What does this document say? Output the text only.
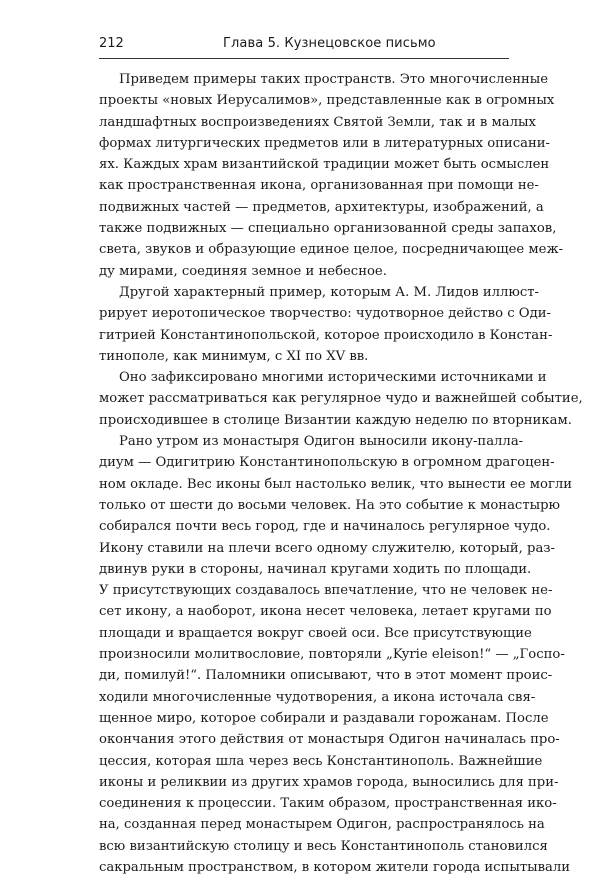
212	Глава 5. Кузнецовское письмо
Приведем примеры таких пространств. Это многочисленные
проекты «новых Иерусалимов», представленные как в огромных
ландшафтных воспроизведениях Святой Земли, так и в малых
формах литургических предметов или в литературных описани-
ях. Каждых храм византийской традиции может быть осмыслен
как пространственная икона, организованная при помощи не-
подвижных частей — предметов, архитектуры, изображений, а
также подвижных — специально организованной среды запахов,
света, звуков и образующие единое целое, посредничающее меж-
ду мирами, соединяя земное и небесное.
Другой характерный пример, которым А. М. Лидов иллюст-
рирует иеротопическое творчество: чудотворное действо с Оди-
гитрией Константинопольской, которое происходило в Констан-
тинополе, как минимум, с XI по XV вв.
Оно зафиксировано многими историческими источниками и
может рассматриваться как регулярное чудо и важнейшей событие,
происходившее в столице Византии каждую неделю по вторникам.
Рано утром из монастыря Одигон выносили икону-палла-
диум — Одигитрию Константинопольскую в огромном драгоцен-
ном окладе. Вес иконы был настолько велик, что вынести ее могли
только от шести до восьми человек. На это событие к монастырю
собирался почти весь город, где и начиналось регулярное чудо.
Икону ставили на плечи всего одному служителю, который, раз-
двинув руки в стороны, начинал кругами ходить по площади.
У присутствующих создавалось впечатление, что не человек не-
сет икону, а наоборот, икона несет человека, летает кругами по
площади и вращается вокруг своей оси. Все присутствующие
произносили молитвословие, повторяли „Kyrie eleison!“ — „Госпо-
ди, помилуй!“. Паломники описывают, что в этот момент проис-
ходили многочисленные чудотворения, а икона источала свя-
щенное миро, которое собирали и раздавали горожанам. После
окончания этого действия от монастыря Одигон начиналась про-
цессия, которая шла через весь Константинополь. Важнейшие
иконы и реликвии из других храмов города, выносились для при-
соединения к процессии. Таким образом, пространственная ико-
на, созданная перед монастырем Одигон, распространялось на
всю византийскую столицу и весь Константинополь становился
сакральным пространством, в котором жители города испытывали
